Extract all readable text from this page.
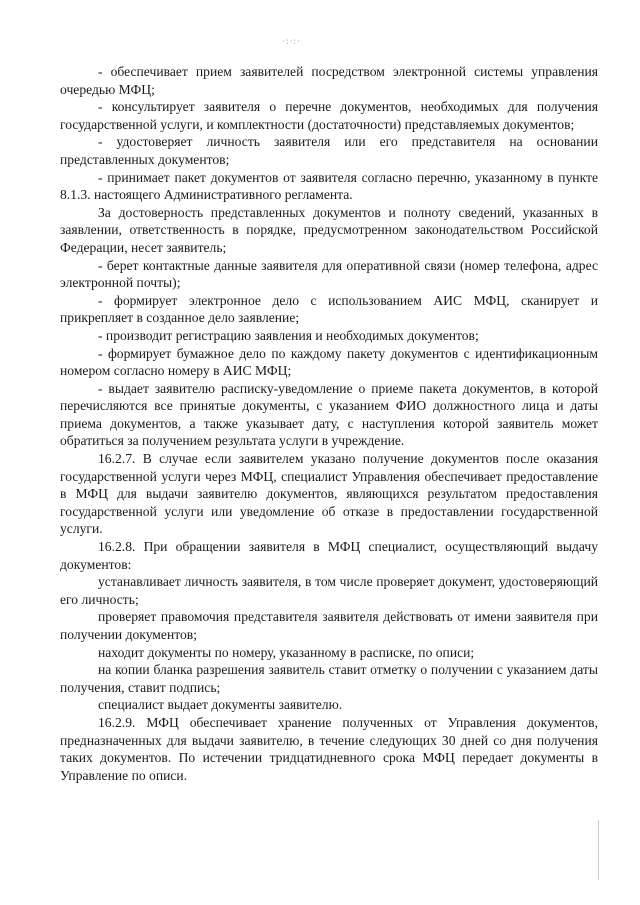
·:·:·

- обеспечивает прием заявителей посредством электронной системы управления очередью МФЦ;

- консультирует заявителя о перечне документов, необходимых для получения государственной услуги, и комплектности (достаточности) представляемых документов;

- удостоверяет личность заявителя или его представителя на основании представленных документов;

- принимает пакет документов от заявителя согласно перечню, указанному в пункте 8.1.3. настоящего Административного регламента.

За достоверность представленных документов и полноту сведений, указанных в заявлении, ответственность в порядке, предусмотренном законодательством Российской Федерации, несет заявитель;

- берет контактные данные заявителя для оперативной связи (номер телефона, адрес электронной почты);

- формирует электронное дело с использованием АИС МФЦ, сканирует и прикрепляет в созданное дело заявление;

- производит регистрацию заявления и необходимых документов;

- формирует бумажное дело по каждому пакету документов с идентификационным номером согласно номеру в АИС МФЦ;

- выдает заявителю расписку-уведомление о приеме пакета документов, в которой перечисляются все принятые документы, с указанием ФИО должностного лица и даты приема документов, а также указывает дату, с наступления которой заявитель может обратиться за получением результата услуги в учреждение.

16.2.7. В случае если заявителем указано получение документов после оказания государственной услуги через МФЦ, специалист Управления обеспечивает предоставление в МФЦ для выдачи заявителю документов, являющихся результатом предоставления государственной услуги или уведомление об отказе в предоставлении государственной услуги.

16.2.8. При обращении заявителя в МФЦ специалист, осуществляющий выдачу документов:

устанавливает личность заявителя, в том числе проверяет документ, удостоверяющий его личность;

проверяет правомочия представителя заявителя действовать от имени заявителя при получении документов;

находит документы по номеру, указанному в расписке, по описи;

на копии бланка разрешения заявитель ставит отметку о получении с указанием даты получения, ставит подпись;

специалист выдает документы заявителю.

16.2.9. МФЦ обеспечивает хранение полученных от Управления документов, предназначенных для выдачи заявителю, в течение следующих 30 дней со дня получения таких документов. По истечении тридцатидневного срока МФЦ передает документы в Управление по описи.
